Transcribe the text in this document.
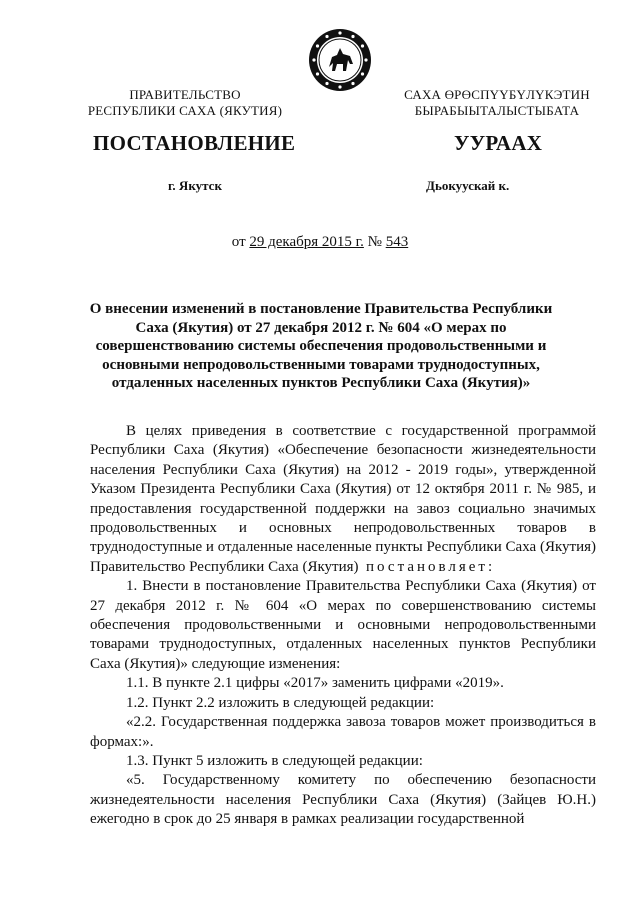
ПРАВИТЕЛЬСТВО
РЕСПУБЛИКИ САХА (ЯКУТИЯ)
САХА ӨРӨСПҮҮБҮЛҮКЭТИН
БЫРАБЫЫТАЛЫСТЫБАТА
ПОСТАНОВЛЕНИЕ	УУРААХ
г. Якутск	Дьокуускай к.
от 29 декабря 2015 г. № 543
О внесении изменений в постановление Правительства Республики Саха (Якутия) от 27 декабря 2012 г. № 604 «О мерах по совершенствованию системы обеспечения продовольственными и основными непродовольственными товарами труднодоступных, отдаленных населенных пунктов Республики Саха (Якутия)»

В целях приведения в соответствие с государственной программой Республики Саха (Якутия) «Обеспечение безопасности жизнедеятельности населения Республики Саха (Якутия) на 2012 - 2019 годы», утвержденной Указом Президента Республики Саха (Якутия) от 12 октября 2011 г. № 985, и предоставления государственной поддержки на завоз социально значимых продовольственных и основных непродовольственных товаров в труднодоступные и отдаленные населенные пункты Республики Саха (Якутия) Правительство Республики Саха (Якутия) постановляет:

1. Внести в постановление Правительства Республики Саха (Якутия) от 27 декабря 2012 г. № 604 «О мерах по совершенствованию системы обеспечения продовольственными и основными непродовольственными товарами труднодоступных, отдаленных населенных пунктов Республики Саха (Якутия)» следующие изменения:

1.1. В пункте 2.1 цифры «2017» заменить цифрами «2019».

1.2. Пункт 2.2 изложить в следующей редакции:

«2.2. Государственная поддержка завоза товаров может производиться в формах:».

1.3. Пункт 5 изложить в следующей редакции:

«5. Государственному комитету по обеспечению безопасности жизнедеятельности населения Республики Саха (Якутия) (Зайцев Ю.Н.) ежегодно в срок до 25 января в рамках реализации государственной
